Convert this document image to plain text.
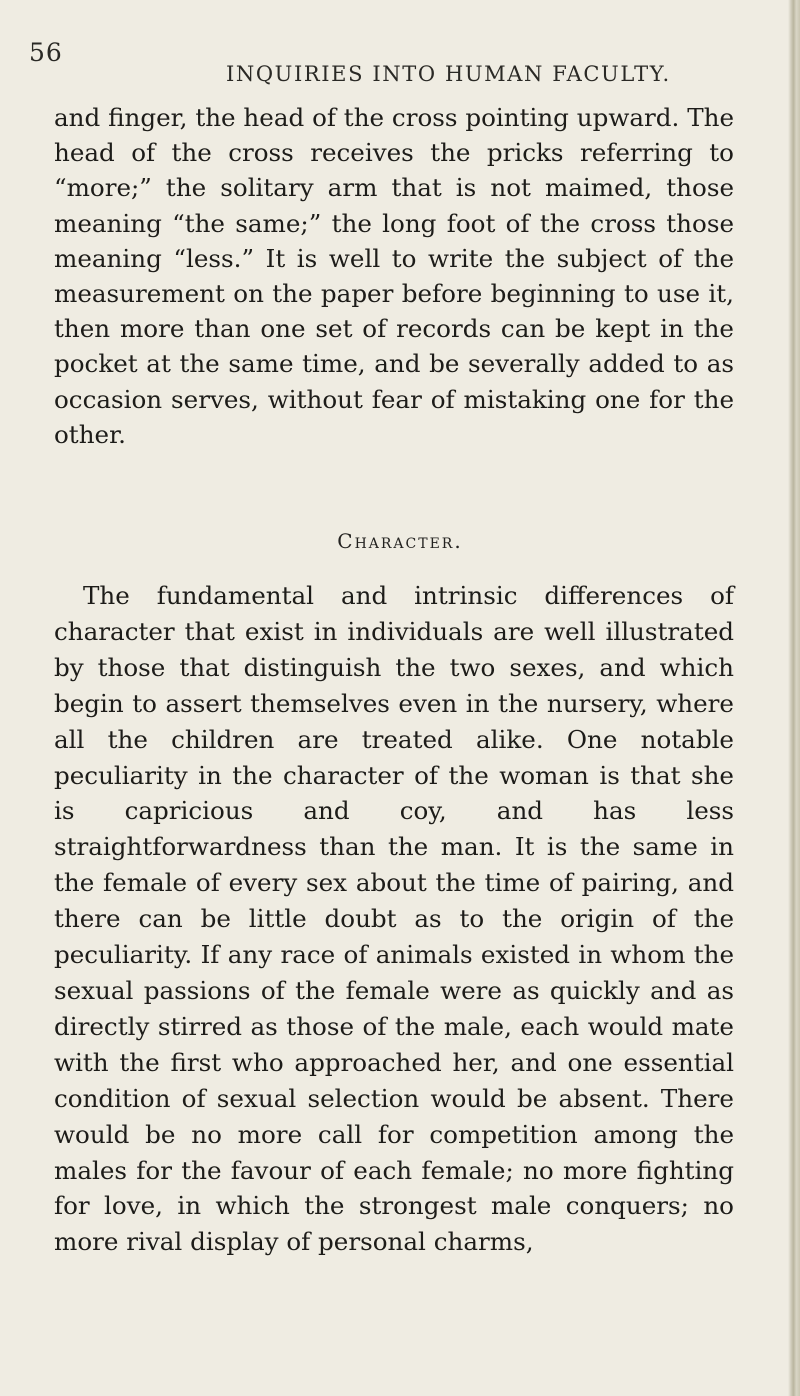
56
INQUIRIES INTO HUMAN FACULTY.

and finger, the head of the cross pointing upward. The head of the cross receives the pricks referring to “more;” the solitary arm that is not maimed, those meaning “the same;” the long foot of the cross those meaning “less.” It is well to write the subject of the measurement on the paper before beginning to use it, then more than one set of records can be kept in the pocket at the same time, and be severally added to as occasion serves, without fear of mistaking one for the other.

Character.

The fundamental and intrinsic differences of character that exist in individuals are well illustrated by those that distinguish the two sexes, and which begin to assert themselves even in the nursery, where all the children are treated alike. One notable peculiarity in the character of the woman is that she is capricious and coy, and has less straightforwardness than the man. It is the same in the female of every sex about the time of pairing, and there can be little doubt as to the origin of the peculiarity. If any race of animals existed in whom the sexual passions of the female were as quickly and as directly stirred as those of the male, each would mate with the first who approached her, and one essential condition of sexual selection would be absent. There would be no more call for competition among the males for the favour of each female; no more fighting for love, in which the strongest male conquers; no more rival display of personal charms,
